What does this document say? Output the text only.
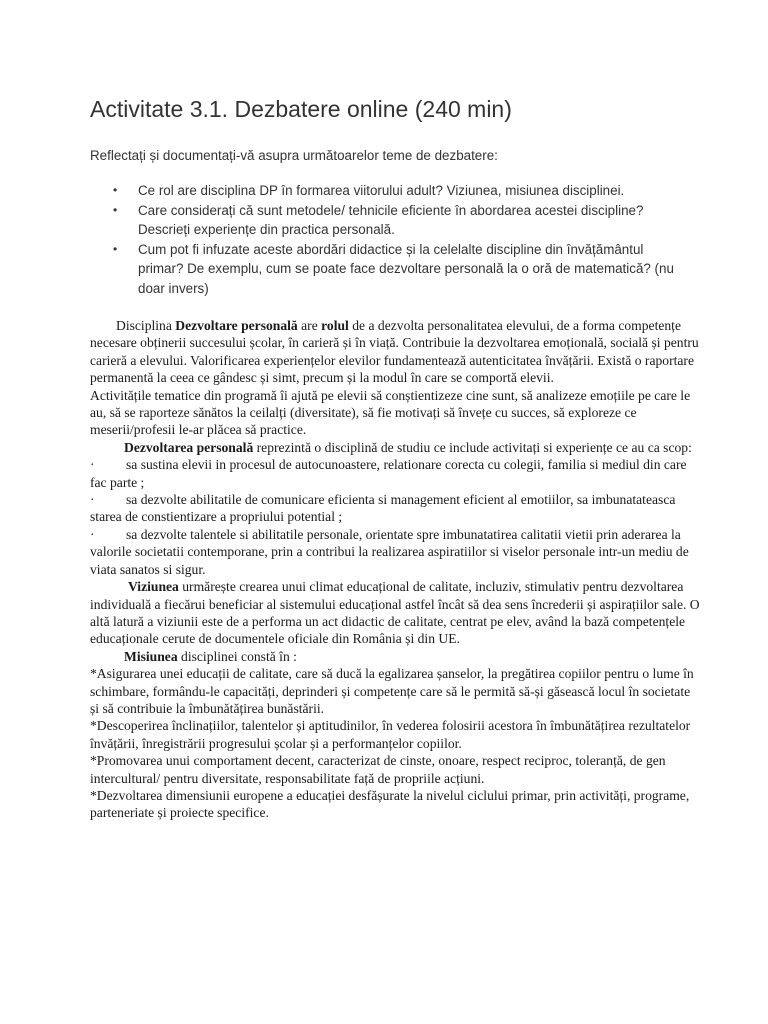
Activitate 3.1. Dezbatere online (240 min)
Reflectați și documentați-vă asupra următoarelor teme de dezbatere:
• Ce rol are disciplina DP în formarea viitorului adult? Viziunea, misiunea disciplinei.
• Care considerați că sunt metodele/ tehnicile eficiente în abordarea acestei discipline? Descrieți experiențe din practica personală.
• Cum pot fi infuzate aceste abordări didactice și la celelalte discipline din învățământul primar? De exemplu, cum se poate face dezvoltare personală la o oră de matematică? (nu doar invers)

Disciplina Dezvoltare personală are rolul de a dezvolta personalitatea elevului, de a forma competențe necesare obținerii succesului școlar, în carieră și în viață. Contribuie la dezvoltarea emoțională, socială și pentru carieră a elevului. Valorificarea experiențelor elevilor fundamentează autenticitatea învățării. Există o raportare permanentă la ceea ce gândesc și simt, precum și la modul în care se comportă elevii.

Activitățile tematice din programă îi ajută pe elevii să conștientizeze cine sunt, să analizeze emoțiile pe care le au, să se raporteze sănătos la ceilalți (diversitate), să fie motivați să învețe cu succes, să exploreze ce meserii/profesii le-ar plăcea să practice.

Dezvoltarea personală reprezintă o disciplină de studiu ce include activitați si experiențe ce au ca scop:

· sa sustina elevii in procesul de autocunoastere, relationare corecta cu colegii, familia si mediul din care fac parte ;

· sa dezvolte abilitatile de comunicare eficienta si management eficient al emotiilor, sa imbunatateasca starea de constientizare a propriului potential ;

· sa dezvolte talentele si abilitatile personale, orientate spre imbunatatirea calitatii vietii prin aderarea la valorile societatii contemporane, prin a contribui la realizarea aspiratiilor si viselor personale intr-un mediu de viata sanatos si sigur.

Viziunea urmărește crearea unui climat educațional de calitate, incluziv, stimulativ pentru dezvoltarea individuală a fiecărui beneficiar al sistemului educațional astfel încât să dea sens încrederii și aspirațiilor sale. O altă latură a viziunii este de a performa un act didactic de calitate, centrat pe elev, având la bază competențele educaționale cerute de documentele oficiale din România și din UE.

Misiunea disciplinei constă în :

*Asigurarea unei educații de calitate, care să ducă la egalizarea șanselor, la pregătirea copiilor pentru o lume în schimbare, formându-le capacități, deprinderi și competențe care să le permită să-și găsească locul în societate și să contribuie la îmbunătățirea bunăstării.

*Descoperirea înclinațiilor, talentelor și aptitudinilor, în vederea folosirii acestora în îmbunătățirea rezultatelor învățării, înregistrării progresului școlar și a performanțelor copiilor.

*Promovarea unui comportament decent, caracterizat de cinste, onoare, respect reciproc, toleranță, de gen intercultural/ pentru diversitate, responsabilitate față de propriile acțiuni.

*Dezvoltarea dimensiunii europene a educației desfășurate la nivelul ciclului primar, prin activități, programe, parteneriate și proiecte specifice.
